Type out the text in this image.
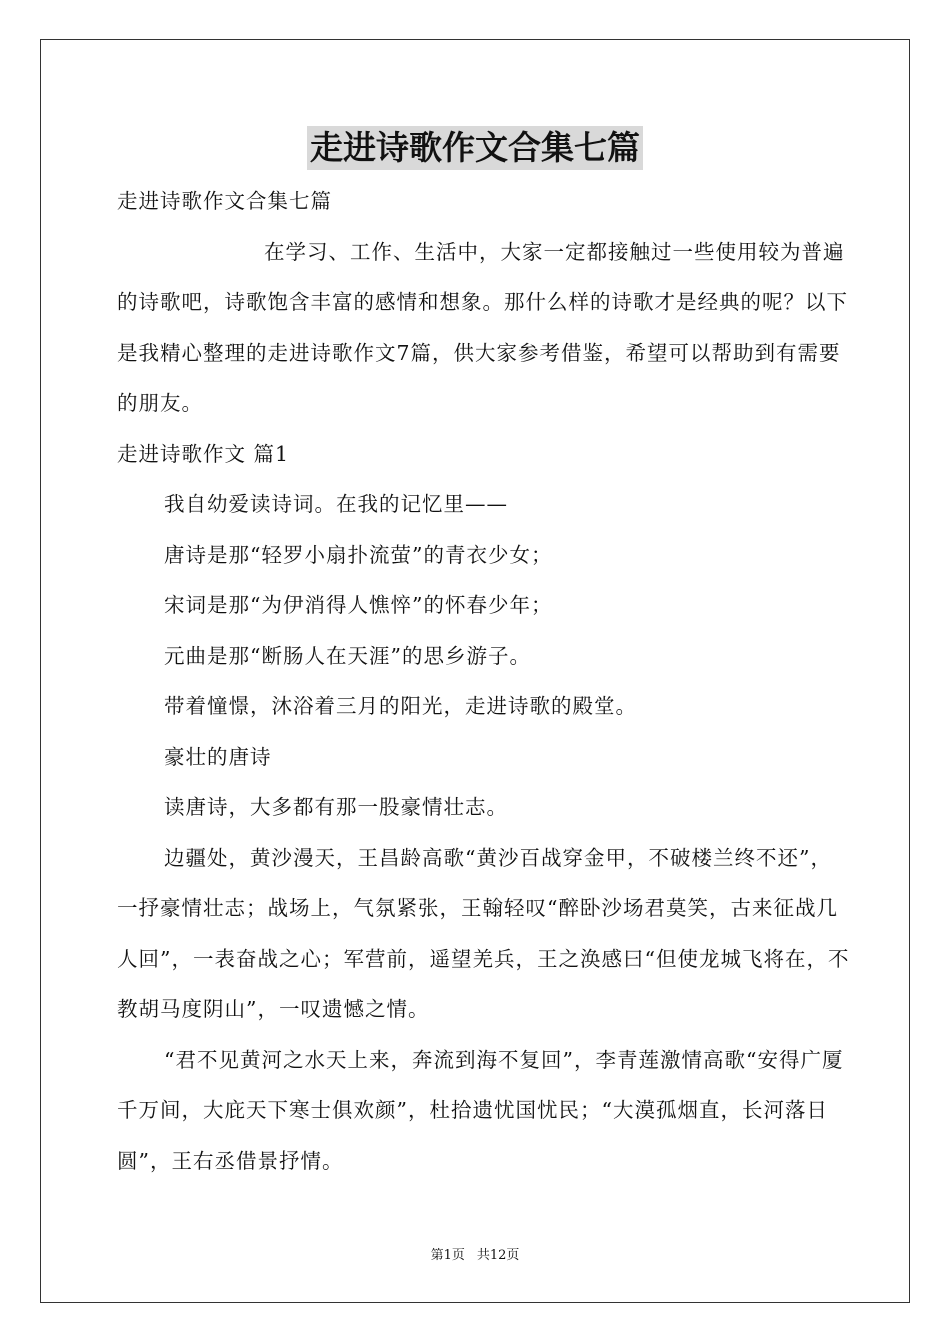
走进诗歌作文合集七篇

走进诗歌作文合集七篇

在学习、工作、生活中，大家一定都接触过一些使用较为普遍的诗歌吧，诗歌饱含丰富的感情和想象。那什么样的诗歌才是经典的呢？以下是我精心整理的走进诗歌作文7篇，供大家参考借鉴，希望可以帮助到有需要的朋友。

走进诗歌作文 篇1

我自幼爱读诗词。在我的记忆里——

唐诗是那“轻罗小扇扑流萤”的青衣少女；

宋词是那“为伊消得人憔悴”的怀春少年；

元曲是那“断肠人在天涯”的思乡游子。

带着憧憬，沐浴着三月的阳光，走进诗歌的殿堂。

豪壮的唐诗

读唐诗，大多都有那一股豪情壮志。

边疆处，黄沙漫天，王昌龄高歌“黄沙百战穿金甲，不破楼兰终不还”，一抒豪情壮志；战场上，气氛紧张，王翰轻叹“醉卧沙场君莫笑，古来征战几人回”，一表奋战之心；军营前，遥望羌兵，王之涣感曰“但使龙城飞将在，不教胡马度阴山”，一叹遗憾之情。

“君不见黄河之水天上来，奔流到海不复回”，李青莲激情高歌“安得广厦千万间，大庇天下寒士俱欢颜”，杜拾遗忧国忧民；“大漠孤烟直，长河落日圆”，王右丞借景抒情。

第1页 共12页
